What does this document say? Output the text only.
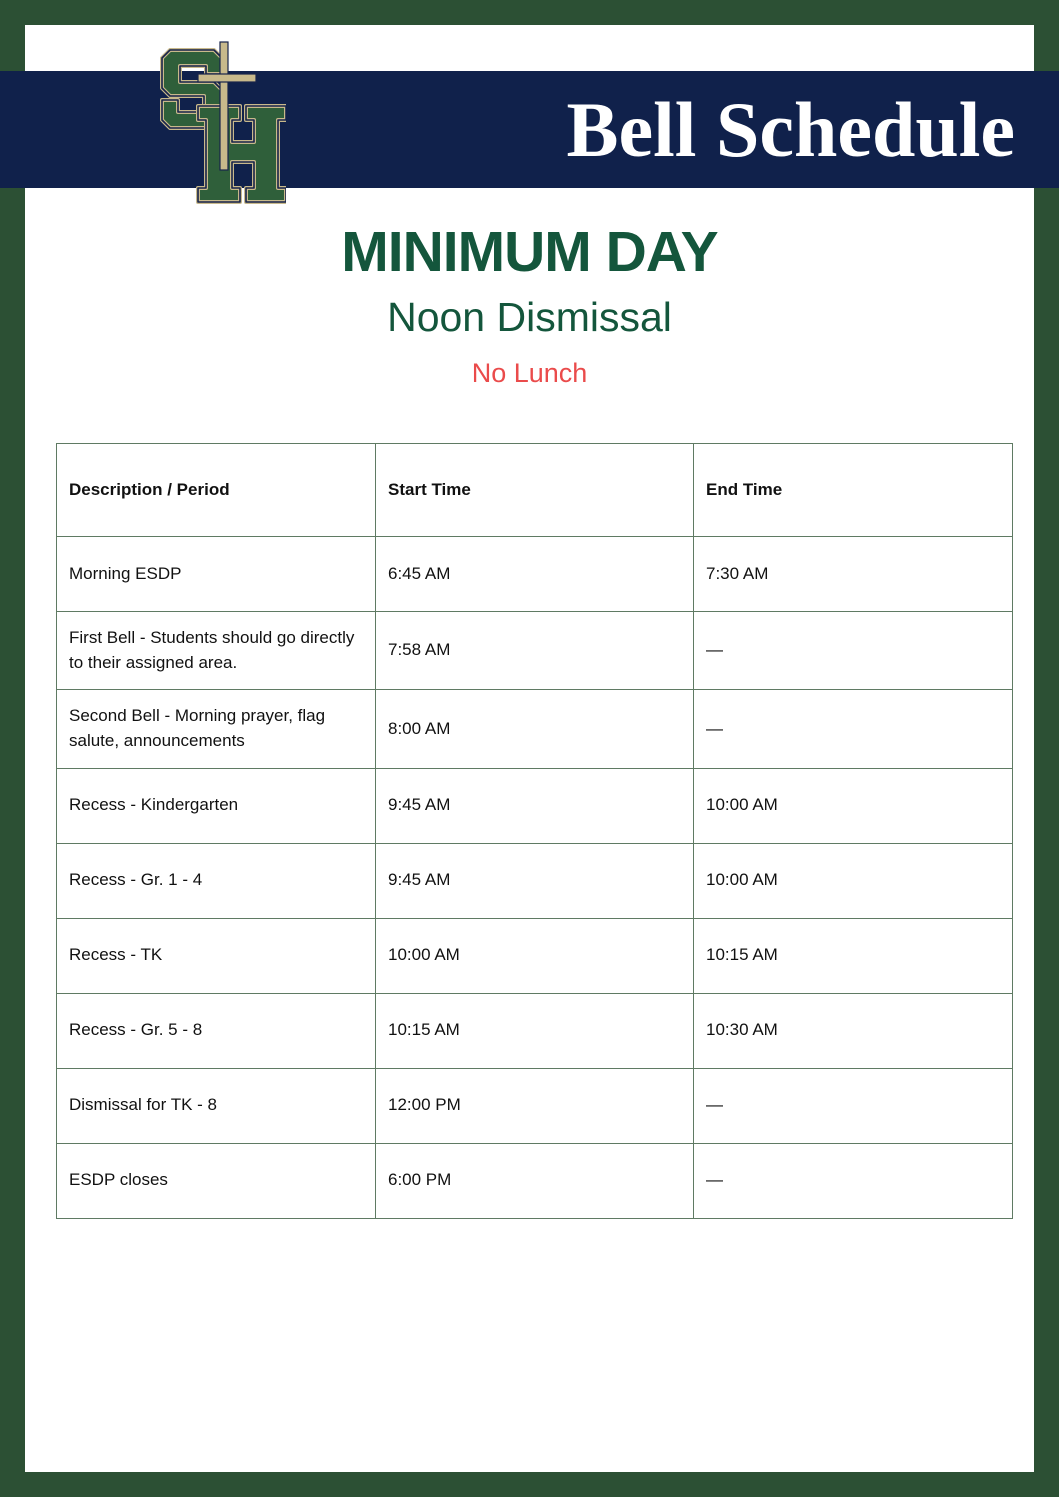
Bell Schedule
MINIMUM DAY
Noon Dismissal
No Lunch
Description / Period	Start Time	End Time
Morning ESDP	6:45 AM	7:30 AM
First Bell - Students should go directly to their assigned area.	7:58 AM	—
Second Bell - Morning prayer, flag salute, announcements	8:00 AM	—
Recess - Kindergarten	9:45 AM	10:00 AM
Recess - Gr. 1 - 4	9:45 AM	10:00 AM
Recess - TK	10:00 AM	10:15 AM
Recess - Gr. 5 - 8	10:15 AM	10:30 AM
Dismissal for TK - 8	12:00 PM	—
ESDP closes	6:00 PM	—
